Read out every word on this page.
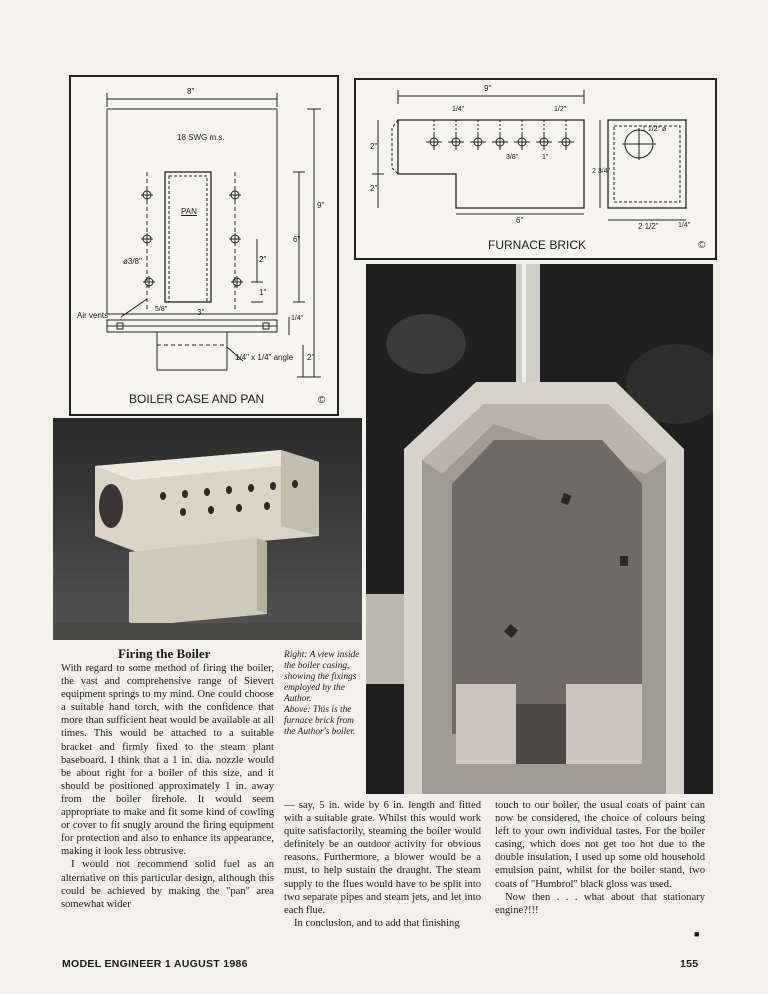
8"
18 SWG m.s.
PAN
9"
6"
2"
1"
ø3/8"
5/8"	3"
Air vents	1/4"
1/4" x 1/4" angle 2"
BOILER CASE AND PAN	©
9"
1/4"	1/2"
3/8"	1"
2"
2"
6"
1 1/2" ø
2 3/4"
2 1/2"	1/4"
FURNACE BRICK	©
Right: A view inside the boiler casing, showing the fixings employed by the Author.
Above: This is the furnace brick from the Author's boiler.
Firing the Boiler

With regard to some method of firing the boiler, the vast and comprehensive range of Sievert equipment springs to my mind. One could choose a suitable hand torch, with the confidence that more than sufficient heat would be available at all times. This would be attached to a suitable bracket and firmly fixed to the steam plant baseboard. I think that a 1 in. dia. nozzle would be about right for a boiler of this size, and it should be positioned approximately 1 in. away from the boiler firehole. It would seem appropriate to make and fit some kind of cowling or cover to fit snugly around the firing equipment for protection and also to enhance its appearance, making it look less obtrusive.

I would not recommend solid fuel as an alternative on this particular design, although this could be achieved by making the "pan" area somewhat wider

— say, 5 in. wide by 6 in. length and fitted with a suitable grate. Whilst this would work quite satisfactorily, steaming the boiler would definitely be an outdoor activity for obvious reasons. Furthermore, a blower would be a must, to help sustain the draught. The steam supply to the flues would have to be split into two separate pipes and steam jets, and let into each flue.

In conclusion, and to add that finishing

touch to our boiler, the usual coats of paint can now be considered, the choice of colours being left to your own individual tastes. For the boiler casing, which does not get too hot due to the double insulation, I used up some old household emulsion paint, whilst for the boiler stand, two coats of "Humbrol" black gloss was used.

Now then . . . what about that stationary engine?!!!

■
MODEL ENGINEER 1 AUGUST 1986	155
